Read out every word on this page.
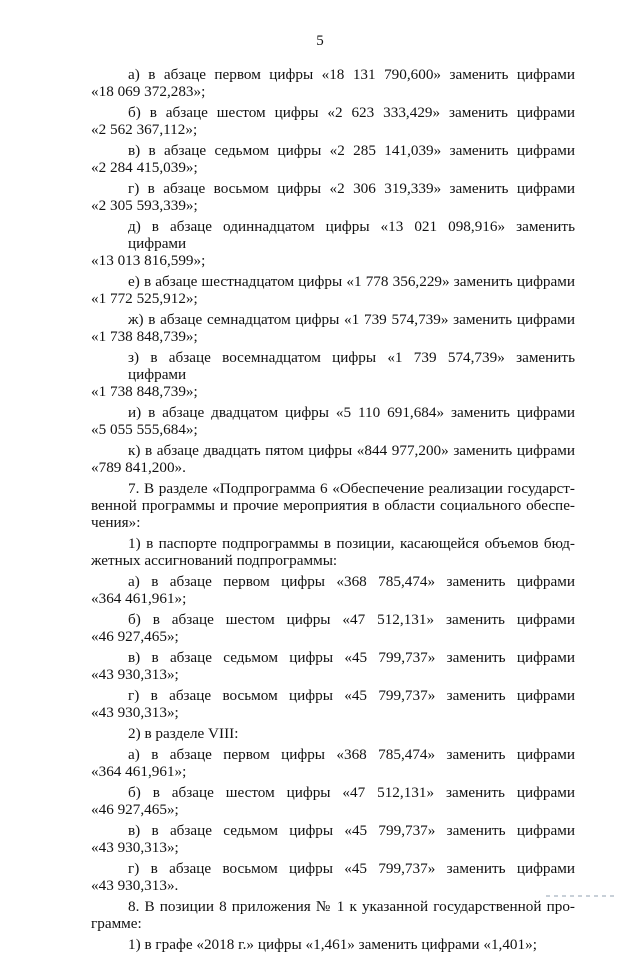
5
а) в абзаце первом цифры «18 131 790,600» заменить цифрами
«18 069 372,283»;
б) в абзаце шестом цифры «2 623 333,429» заменить цифрами
«2 562 367,112»;
в) в абзаце седьмом цифры «2 285 141,039» заменить цифрами
«2 284 415,039»;
г) в абзаце восьмом цифры «2 306 319,339» заменить цифрами
«2 305 593,339»;
д) в абзаце одиннадцатом цифры «13 021 098,916» заменить цифрами
«13 013 816,599»;
е) в абзаце шестнадцатом цифры «1 778 356,229» заменить цифрами
«1 772 525,912»;
ж) в абзаце семнадцатом цифры «1 739 574,739» заменить цифрами
«1 738 848,739»;
з) в абзаце восемнадцатом цифры «1 739 574,739» заменить цифрами
«1 738 848,739»;
и) в абзаце двадцатом цифры «5 110 691,684» заменить цифрами
«5 055 555,684»;
к) в абзаце двадцать пятом цифры «844 977,200» заменить цифрами
«789 841,200».
7. В разделе «Подпрограмма 6 «Обеспечение реализации государст-
венной программы и прочие мероприятия в области социального обеспе-
чения»:
1) в паспорте подпрограммы в позиции, касающейся объемов бюд-
жетных ассигнований подпрограммы:
а) в абзаце первом цифры «368 785,474» заменить цифрами
«364 461,961»;
б) в абзаце шестом цифры «47 512,131» заменить цифрами
«46 927,465»;
в) в абзаце седьмом цифры «45 799,737» заменить цифрами
«43 930,313»;
г) в абзаце восьмом цифры «45 799,737» заменить цифрами
«43 930,313»;
2) в разделе VIII:
а) в абзаце первом цифры «368 785,474» заменить цифрами
«364 461,961»;
б) в абзаце шестом цифры «47 512,131» заменить цифрами
«46 927,465»;
в) в абзаце седьмом цифры «45 799,737» заменить цифрами
«43 930,313»;
г) в абзаце восьмом цифры «45 799,737» заменить цифрами
«43 930,313».
8. В позиции 8 приложения № 1 к указанной государственной про-
грамме:
1) в графе «2018 г.» цифры «1,461» заменить цифрами «1,401»;
